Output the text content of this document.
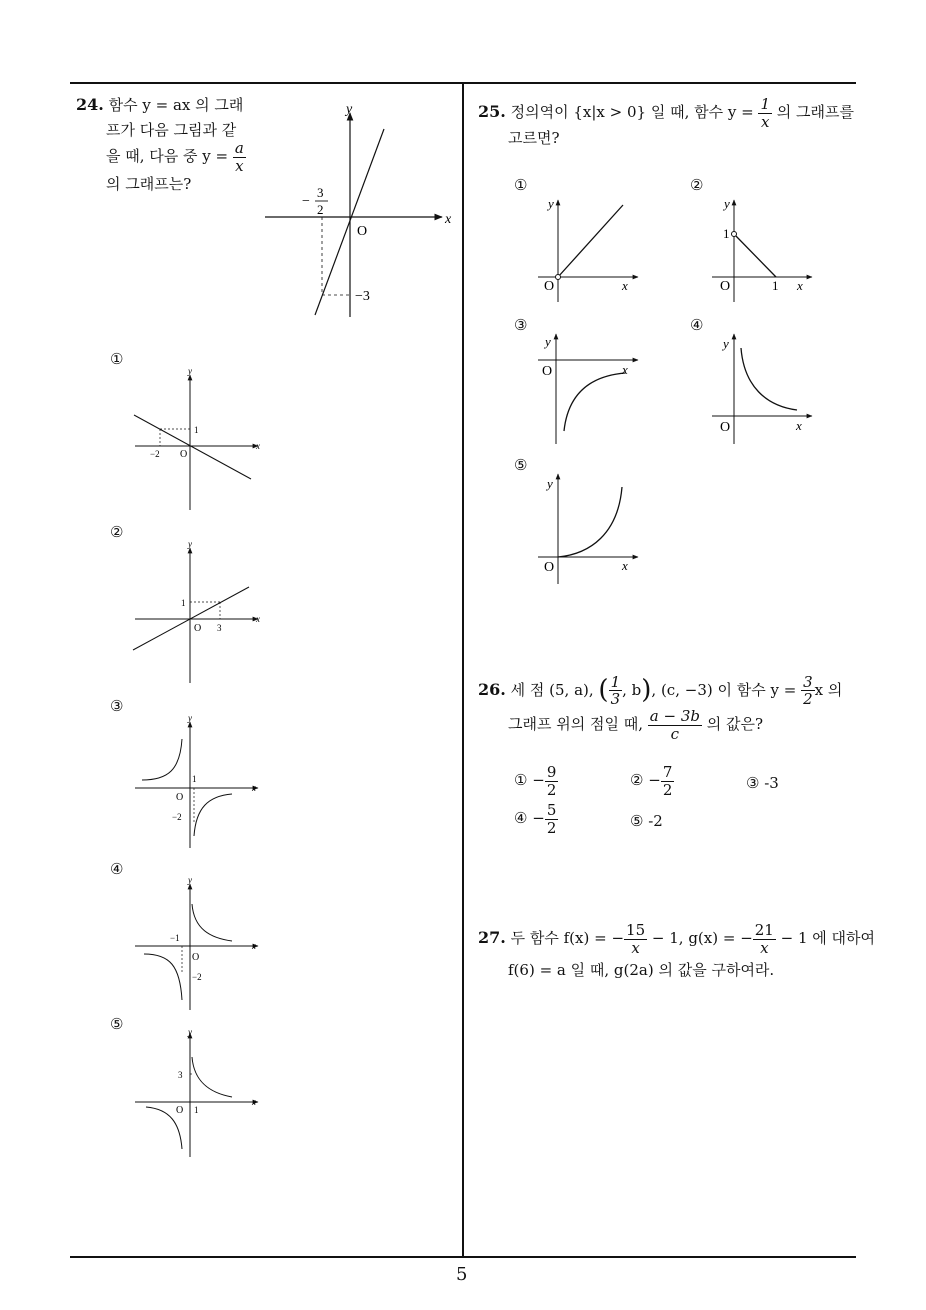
5
24. 함수 y = ax 의 그래
프가 다음 그림과 같
을 때, 다음 중 $y = \frac{a}{x}$
의 그래프는?
y
x
O
−
3
2
−3
①
y
x
O
1
−2
②
y
x
O
1
3
③
y
x
O
1
−2
④
y
x
O
−1
−2
⑤	y
x
O
3
1
25. 정의역이 {x|x > 0} 일 때, 함수 $y = \frac{1}{x}$ 의 그래프를
고르면?
①
y
x
O
②
y
x
O
1
1
③
y
x
O
④
y
x
O
⑤
y
x
O
26. 세 점 (5, a), ( $\frac{1}{3}$ , b), (c, −3) 이 함수 $y = \frac{3}{2}$ x 의
그래프 위의 점일 때, $\frac{a - 3b}{c}$ 의 값은?
① − $\frac{9}{2}$	② − $\frac{7}{2}$	③ -3
④ − $\frac{5}{2}$	⑤ -2
27. 두 함수 f(x) = − $\frac{15}{x} - 1$, g(x) = − $\frac{21}{x} - 1$ 에 대하여
f(6) = a 일 때, g(2a) 의 값을 구하여라.
